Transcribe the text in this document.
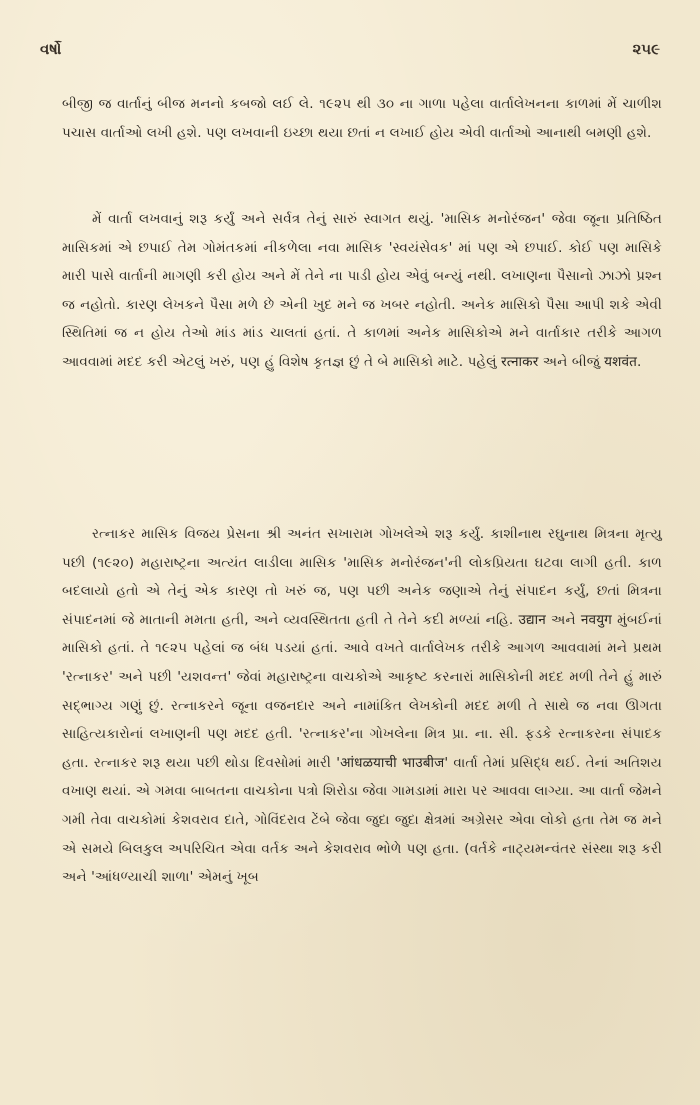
વર્ષો	૨૫૯

બીજી જ વાર્તાનું બીજ મનનો કબજો લઈ લે. ૧૯૨૫ થી ૩૦ ના ગાળા પહેલા વાર્તાલેખનના કાળમાં મેં ચાળીશ પચાસ વાર્તાઓ લખી હશે. પણ લખવાની ઇચ્છા થયા છતાં ન લખાઈ હોય એવી વાર્તાઓ આનાથી બમણી હશે.

મેં વાર્તા લખવાનું શરૂ કર્યું અને સર્વત્ર તેનું સારું સ્વાગત થયું. 'માસિક મનોરંજન' જેવા જૂના પ્રતિષ્ઠિત માસિકમાં એ છપાઈ તેમ ગોમંતકમાં નીકળેલા નવા માસિક 'સ્વયંસેવક' માં પણ એ છપાઈ. કોઈ પણ માસિકે મારી પાસે વાર્તાની માગણી કરી હોય અને મેં તેને ના પાડી હોય એવું બન્યું નથી. લખાણના પૈસાનો ઝાઝો પ્રશ્ન જ નહોતો. કારણ લેખકને પૈસા મળે છે એની ખુદ મને જ ખબર નહોતી. અનેક માસિકો પૈસા આપી શકે એવી સ્થિતિમાં જ ન હોય તેઓ માંડ માંડ ચાલતાં હતાં. તે કાળમાં અનેક માસિકોએ મને વાર્તાકાર તરીકે આગળ આવવામાં મદદ કરી એટલું ખરું, પણ હું વિશેષ કૃતજ્ઞ છું તે બે માસિકો માટે. પહેલું रत्नाकर અને બીજું यशवंत.

રત્નાકર માસિક વિજય પ્રેસના શ્રી અનંત સખારામ ગોખલેએ શરૂ કર્યું. કાશીનાથ રઘુનાથ મિત્રના મૃત્યુ પછી (૧૯૨૦) મહારાષ્ટ્રના અત્યંત લાડીલા માસિક 'માસિક મનોરંજન'ની લોકપ્રિયતા ઘટવા લાગી હતી. કાળ બદલાયો હતો એ તેનું એક કારણ તો ખરું જ, પણ પછી અનેક જણાએ તેનું સંપાદન કર્યું, છતાં મિત્રના સંપાદનમાં જે માતાની મમતા હતી, અને વ્યવસ્થિતતા હતી તે તેને કદી મળ્યાં નહિ. उद्यान અને नवयुग મુંબઈનાં માસિકો હતાં. તે ૧૯૨૫ પહેલાં જ બંધ પડયાં હતાં. આવે વખતે વાર્તાલેખક તરીકે આગળ આવવામાં મને પ્રથમ 'રત્નાકર' અને પછી 'યશવન્ત' જેવાં મહારાષ્ટ્રના વાચકોએ આકૃષ્ટ કરનારાં માસિકોની મદદ મળી તેને હું મારું સદ્ભાગ્ય ગણું છું. રત્નાકરને જૂના વજનદાર અને નામાંકિત લેખકોની મદદ મળી તે સાથે જ નવા ઊગતા સાહિત્યકારોનાં લખાણની પણ મદદ હતી. 'રત્નાકર'ના ગોખલેના મિત્ર પ્રા. ના. સી. ફડકે રત્નાકરના સંપાદક હતા. રત્નાકર શરૂ થયા પછી થોડા દિવસોમાં મારી 'आंधळयाची भाउबीज' વાર્તા તેમાં પ્રસિદ્ધ થઈ. તેનાં અતિશય વખાણ થયાં. એ ગમવા બાબતના વાચકોના પત્રો શિરોડા જેવા ગામડામાં મારા પર આવવા લાગ્યા. આ વાર્તા જેમને ગમી તેવા વાચકોમાં કેશવરાવ દાતે, ગોવિંદરાવ ટેંબે જેવા જુદા જુદા ક્ષેત્રમાં અગ્રેસર એવા લોકો હતા તેમ જ મને એ સમયે બિલકુલ અપરિચિત એવા વર્તક અને કેશવરાવ ભોળે પણ હતા. (વર્તકે નાટ્યમન્વંતર સંસ્થા શરૂ કરી અને 'આંધળ્યાચી શાળા' એમનું ખૂબ
